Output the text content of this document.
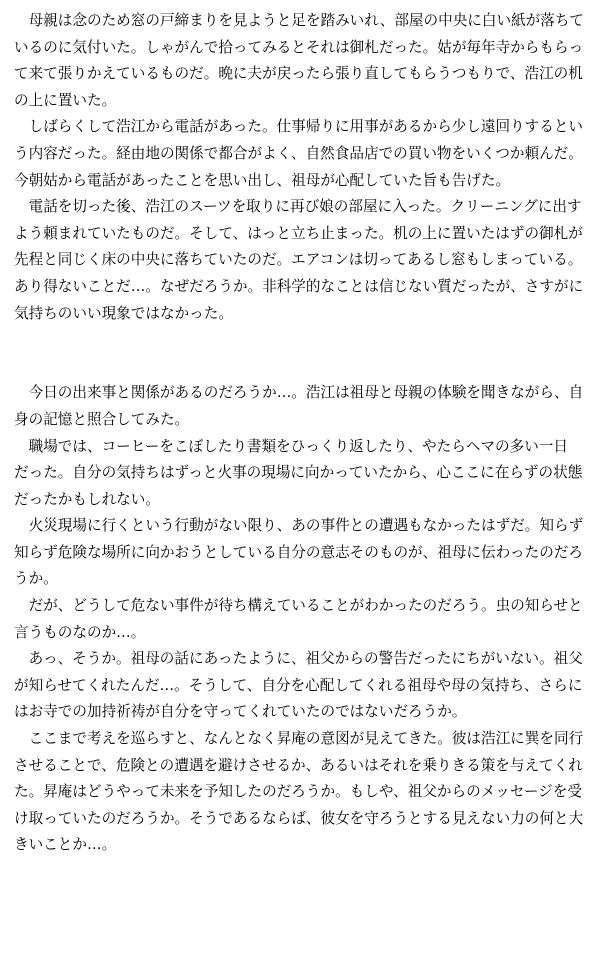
　母親は念のため窓の戸締まりを見ようと足を踏みいれ、部屋の中央に白い紙が落ちて
いるのに気付いた。しゃがんで拾ってみるとそれは御札だった。姑が毎年寺からもらっ
て来て張りかえているものだ。晩に夫が戻ったら張り直してもらうつもりで、浩江の机
の上に置いた。

　しばらくして浩江から電話があった。仕事帰りに用事があるから少し遠回りするとい
う内容だった。経由地の関係で都合がよく、自然食品店での買い物をいくつか頼んだ。
今朝姑から電話があったことを思い出し、祖母が心配していた旨も告げた。

　電話を切った後、浩江のスーツを取りに再び娘の部屋に入った。クリーニングに出す
よう頼まれていたものだ。そして、はっと立ち止まった。机の上に置いたはずの御札が
先程と同じく床の中央に落ちていたのだ。エアコンは切ってあるし窓もしまっている。
あり得ないことだ…。なぜだろうか。非科学的なことは信じない質だったが、さすがに
気持ちのいい現象ではなかった。

　今日の出来事と関係があるのだろうか…。浩江は祖母と母親の体験を聞きながら、自
身の記憶と照合してみた。

　職場では、コーヒーをこぼしたり書類をひっくり返したり、やたらヘマの多い一日
だった。自分の気持ちはずっと火事の現場に向かっていたから、心ここに在らずの状態
だったかもしれない。

　火災現場に行くという行動がない限り、あの事件との遭遇もなかったはずだ。知らず
知らず危険な場所に向かおうとしている自分の意志そのものが、祖母に伝わったのだろ
うか。

　だが、どうして危ない事件が待ち構えていることがわかったのだろう。虫の知らせと
言うものなのか…。

　あっ、そうか。祖母の話にあったように、祖父からの警告だったにちがいない。祖父
が知らせてくれたんだ…。そうして、自分を心配してくれる祖母や母の気持ち、さらに
はお寺での加持祈祷が自分を守ってくれていたのではないだろうか。

　ここまで考えを巡らすと、なんとなく昇庵の意図が見えてきた。彼は浩江に巽を同行
させることで、危険との遭遇を避けさせるか、あるいはそれを乗りきる策を与えてくれ
た。昇庵はどうやって未来を予知したのだろうか。もしや、祖父からのメッセージを受
け取っていたのだろうか。そうであるならば、彼女を守ろうとする見えない力の何と大
きいことか…。
